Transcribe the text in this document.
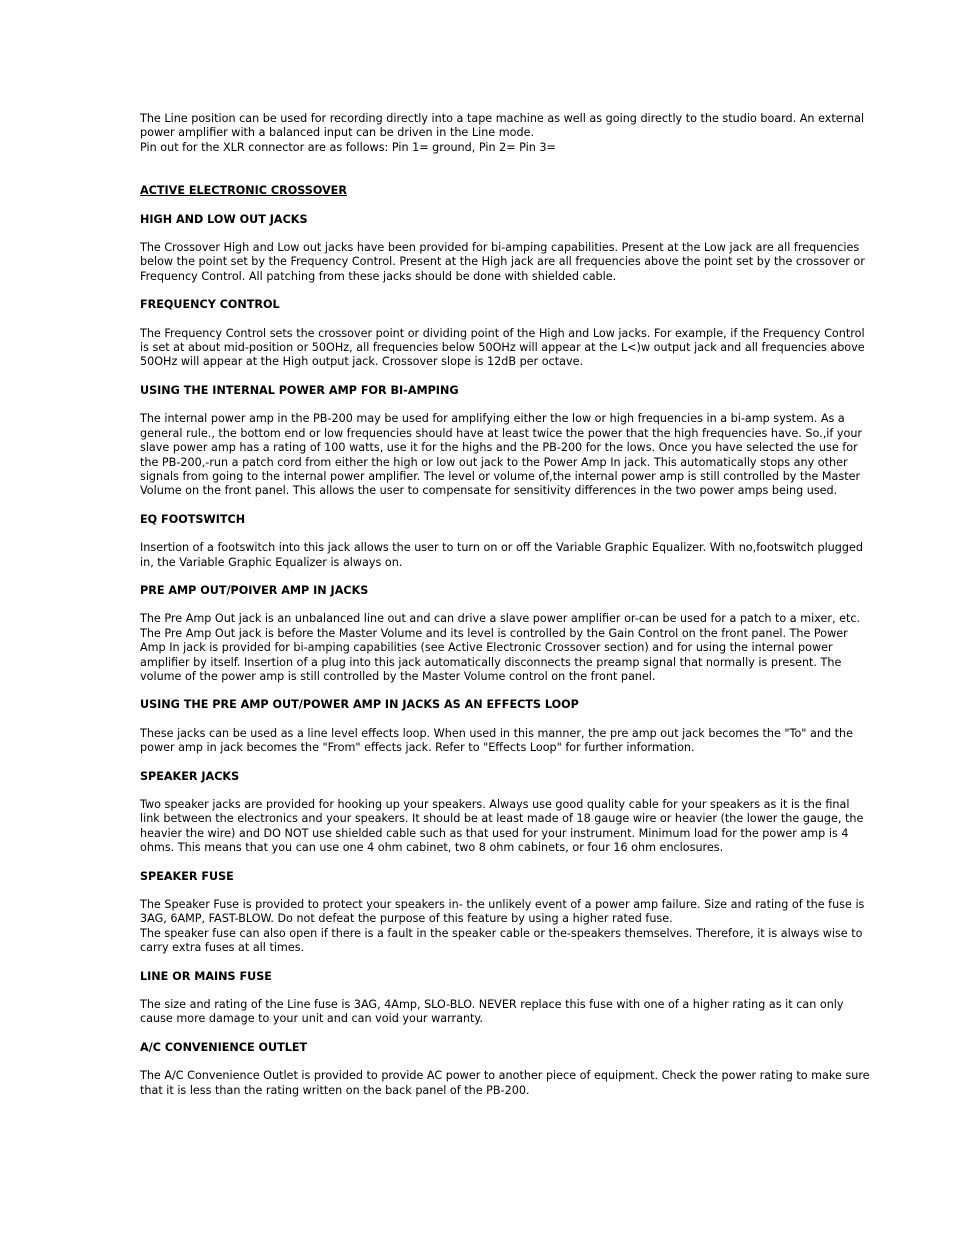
The Line position can be used for recording directly into a tape machine as well as going directly to the studio board. An external power amplifier with a balanced input can be driven in the Line mode.

Pin out for the XLR connector are as follows: Pin 1= ground, Pin 2= Pin 3=

ACTIVE ELECTRONIC CROSSOVER
HIGH AND LOW OUT JACKS

The Crossover High and Low out jacks have been provided for bi-amping capabilities. Present at the Low jack are all frequencies below the point set by the Frequency Control. Present at the High jack are all frequencies above the point set by the crossover or Frequency Control. All patching from these jacks should be done with shielded cable.

FREQUENCY CONTROL

The Frequency Control sets the crossover point or dividing point of the High and Low jacks. For example, if the Frequency Control is set at about mid-position or 50OHz, all frequencies below 50OHz will appear at the L<)w output jack and all frequencies above 50OHz will appear at the High output jack. Crossover slope is 12dB per octave.

USING THE INTERNAL POWER AMP FOR BI-AMPING

The internal power amp in the PB-200 may be used for amplifying either the low or high frequencies in a bi-amp system. As a general rule., the bottom end or low frequencies should have at least twice the power that the high frequencies have. So.,if your slave power amp has a rating of 100 watts, use it for the highs and the PB-200 for the lows. Once you have selected the use for the PB-200,-run a patch cord from either the high or low out jack to the Power Amp In jack. This automatically stops any other signals from going to the internal power amplifier. The level or volume of,the internal power amp is still controlled by the Master Volume on the front panel. This allows the user to compensate for sensitivity differences in the two power amps being used.

EQ FOOTSWITCH

Insertion of a footswitch into this jack allows the user to turn on or off the Variable Graphic Equalizer. With no,footswitch plugged in, the Variable Graphic Equalizer is always on.

PRE AMP OUT/POIVER AMP IN JACKS

The Pre Amp Out jack is an unbalanced line out and can drive a slave power amplifier or-can be used for a patch to a mixer, etc. The Pre Amp Out jack is before the Master Volume and its level is controlled by the Gain Control on the front panel. The Power Amp In jack is provided for bi-amping capabilities (see Active Electronic Crossover section) and for using the internal power amplifier by itself. Insertion of a plug into this jack automatically disconnects the preamp signal that normally is present. The volume of the power amp is still controlled by the Master Volume control on the front panel.

USING THE PRE AMP OUT/POWER AMP IN JACKS AS AN EFFECTS LOOP

These jacks can be used as a line level effects loop. When used in this manner, the pre amp out jack becomes the "To" and the power amp in jack becomes the "From" effects jack. Refer to "Effects Loop" for further information.

SPEAKER JACKS

Two speaker jacks are provided for hooking up your speakers. Always use good quality cable for your speakers as it is the final link between the electronics and your speakers. It should be at least made of 18 gauge wire or heavier (the lower the gauge, the heavier the wire) and DO NOT use shielded cable such as that used for your instrument. Minimum load for the power amp is 4 ohms. This means that you can use one 4 ohm cabinet, two 8 ohm cabinets, or four 16 ohm enclosures.

SPEAKER FUSE

The Speaker Fuse is provided to protect your speakers in- the unlikely event of a power amp failure. Size and rating of the fuse is 3AG, 6AMP, FAST-BLOW. Do not defeat the purpose of this feature by using a higher rated fuse.

The speaker fuse can also open if there is a fault in the speaker cable or the-speakers themselves. Therefore, it is always wise to carry extra fuses at all times.

LINE OR MAINS FUSE

The size and rating of the Line fuse is 3AG, 4Amp, SLO-BLO. NEVER replace this fuse with one of a higher rating as it can only cause more damage to your unit and can void your warranty.

A/C CONVENIENCE OUTLET

The A/C Convenience Outlet is provided to provide AC power to another piece of equipment. Check the power rating to make sure that it is less than the rating written on the back panel of the PB-200.
